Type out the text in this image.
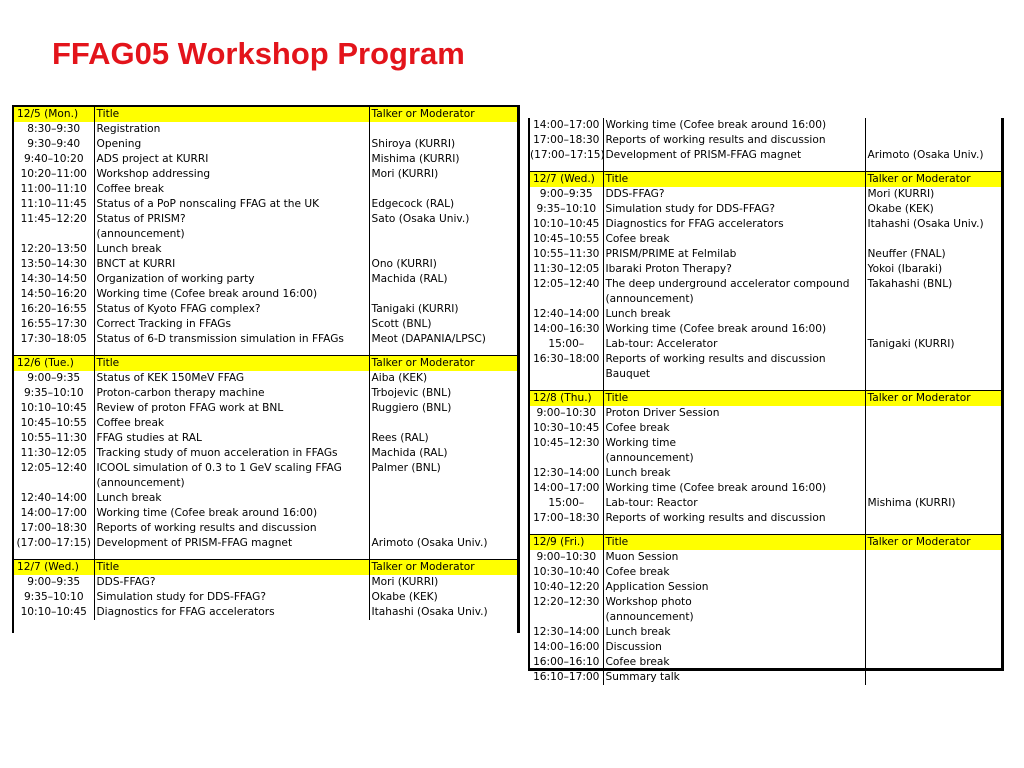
FFAG05 Workshop Program
12/5 (Mon.)	Title	Talker or Moderator
8:30–9:30	Registration	
9:30–9:40	Opening	Shiroya (KURRI)
9:40–10:20	ADS project at KURRI	Mishima (KURRI)
10:20–11:00	Workshop addressing	Mori (KURRI)
11:00–11:10	Coffee break	
11:10–11:45	Status of a PoP nonscaling FFAG at the UK	Edgecock (RAL)
11:45–12:20	Status of PRISM?	Sato (Osaka Univ.)
	(announcement)	
12:20–13:50	Lunch break	
13:50–14:30	BNCT at KURRI	Ono (KURRI)
14:30–14:50	Organization of working party	Machida (RAL)
14:50–16:20	Working time (Cofee break around 16:00)	
16:20–16:55	Status of Kyoto FFAG complex?	Tanigaki (KURRI)
16:55–17:30	Correct Tracking in FFAGs	Scott (BNL)
17:30–18:05	Status of 6-D transmission simulation in FFAGs	Meot (DAPANIA/LPSC)

12/6 (Tue.)	Title	Talker or Moderator
9:00–9:35	Status of KEK 150MeV FFAG	Aiba (KEK)
9:35–10:10	Proton-carbon therapy machine	Trbojevic (BNL)
10:10–10:45	Review of proton FFAG work at BNL	Ruggiero (BNL)
10:45–10:55	Coffee break	
10:55–11:30	FFAG studies at RAL	Rees (RAL)
11:30–12:05	Tracking study of muon acceleration in FFAGs	Machida (RAL)
12:05–12:40	ICOOL simulation of 0.3 to 1 GeV scaling FFAG	Palmer (BNL)
	(announcement)	
12:40–14:00	Lunch break	
14:00–17:00	Working time (Cofee break around 16:00)	
17:00–18:30	Reports of working results and discussion	
(17:00–17:15)	Development of PRISM-FFAG magnet	Arimoto (Osaka Univ.)

12/7 (Wed.)	Title	Talker or Moderator
9:00–9:35	DDS-FFAG?	Mori (KURRI)
9:35–10:10	Simulation study for DDS-FFAG?	Okabe (KEK)
10:10–10:45	Diagnostics for FFAG accelerators	Itahashi (Osaka Univ.)
14:00–17:00	Working time (Cofee break around 16:00)	
17:00–18:30	Reports of working results and discussion	
(17:00–17:15)	Development of PRISM-FFAG magnet	Arimoto (Osaka Univ.)

12/7 (Wed.)	Title	Talker or Moderator
9:00–9:35	DDS-FFAG?	Mori (KURRI)
9:35–10:10	Simulation study for DDS-FFAG?	Okabe (KEK)
10:10–10:45	Diagnostics for FFAG accelerators	Itahashi (Osaka Univ.)
10:45–10:55	Cofee break	
10:55–11:30	PRISM/PRIME at Felmilab	Neuffer (FNAL)
11:30–12:05	Ibaraki Proton Therapy?	Yokoi (Ibaraki)
12:05–12:40	The deep underground accelerator compound	Takahashi (BNL)
	(announcement)	
12:40–14:00	Lunch break	
14:00–16:30	Working time (Cofee break around 16:00)	
15:00–	Lab-tour: Accelerator	Tanigaki (KURRI)
16:30–18:00	Reports of working results and discussion	
	Bauquet	

12/8 (Thu.)	Title	Talker or Moderator
9:00–10:30	Proton Driver Session	
10:30–10:45	Cofee break	
10:45–12:30	Working time	
	(announcement)	
12:30–14:00	Lunch break	
14:00–17:00	Working time (Cofee break around 16:00)	
15:00–	Lab-tour: Reactor	Mishima (KURRI)
17:00–18:30	Reports of working results and discussion	

12/9 (Fri.)	Title	Talker or Moderator
9:00–10:30	Muon Session	
10:30–10:40	Cofee break	
10:40–12:20	Application Session	
12:20–12:30	Workshop photo	
	(announcement)	
12:30–14:00	Lunch break	
14:00–16:00	Discussion	
16:00–16:10	Cofee break	
16:10–17:00	Summary talk	
